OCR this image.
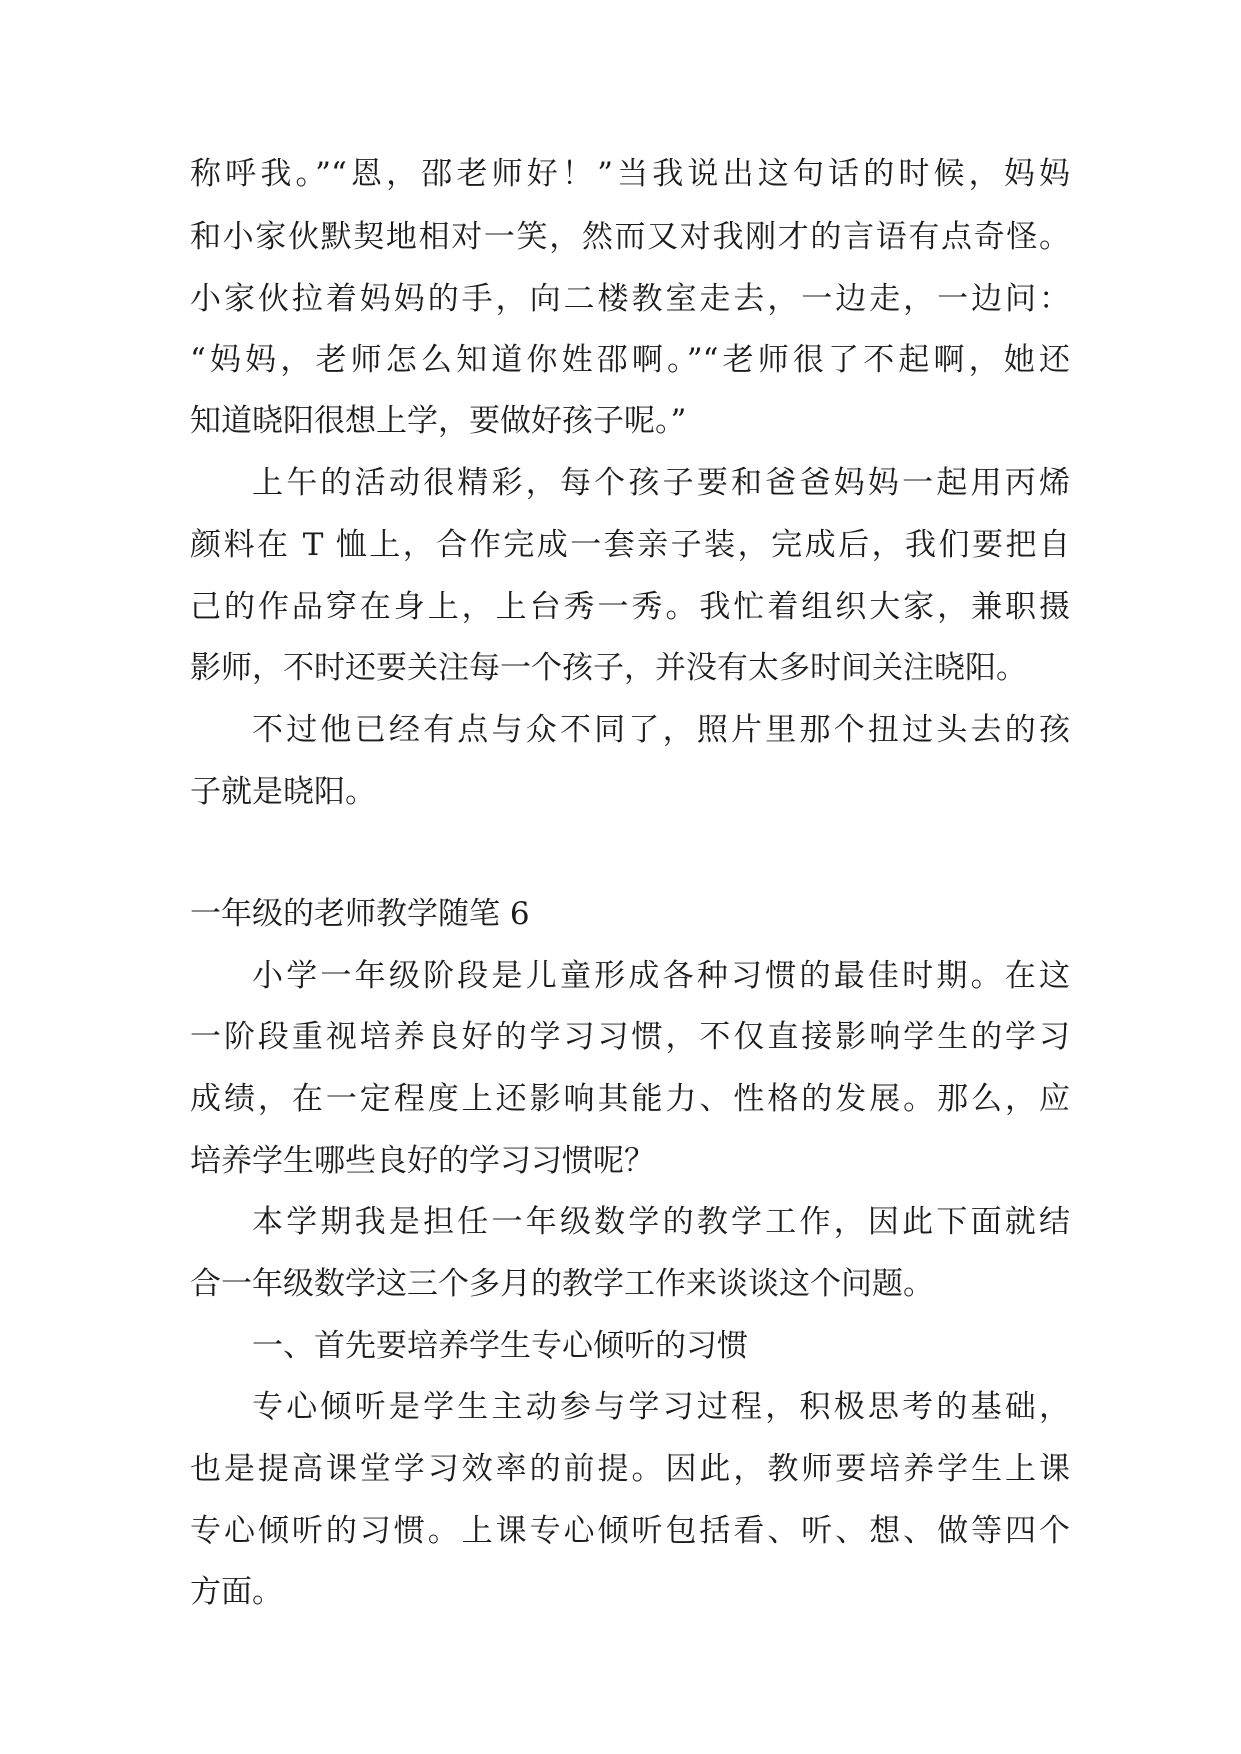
称呼我。”“恩，邵老师好！”当我说出这句话的时候，妈妈
和小家伙默契地相对一笑，然而又对我刚才的言语有点奇怪。
小家伙拉着妈妈的手，向二楼教室走去，一边走，一边问：
“妈妈，老师怎么知道你姓邵啊。”“老师很了不起啊，她还
知道晓阳很想上学，要做好孩子呢。”
上午的活动很精彩，每个孩子要和爸爸妈妈一起用丙烯
颜料在 T 恤上，合作完成一套亲子装，完成后，我们要把自
己的作品穿在身上，上台秀一秀。我忙着组织大家，兼职摄
影师，不时还要关注每一个孩子，并没有太多时间关注晓阳。
不过他已经有点与众不同了，照片里那个扭过头去的孩
子就是晓阳。
一年级的老师教学随笔 6
小学一年级阶段是儿童形成各种习惯的最佳时期。在这
一阶段重视培养良好的学习习惯，不仅直接影响学生的学习
成绩，在一定程度上还影响其能力、性格的发展。那么，应
培养学生哪些良好的学习习惯呢？
本学期我是担任一年级数学的教学工作，因此下面就结
合一年级数学这三个多月的教学工作来谈谈这个问题。
一、首先要培养学生专心倾听的习惯
专心倾听是学生主动参与学习过程，积极思考的基础，
也是提高课堂学习效率的前提。因此，教师要培养学生上课
专心倾听的习惯。上课专心倾听包括看、听、想、做等四个
方面。
